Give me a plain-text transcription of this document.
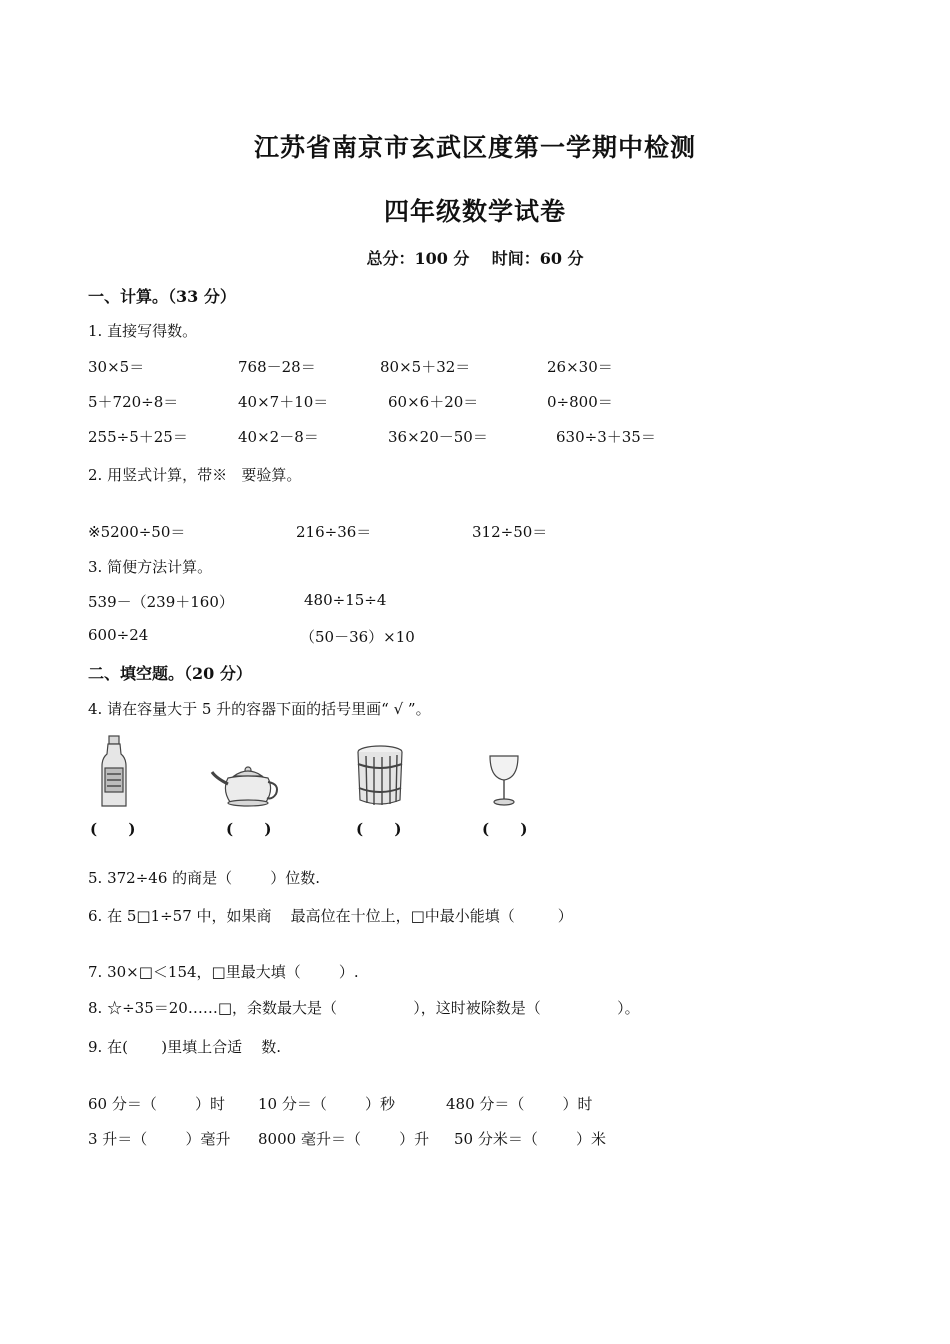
江苏省南京市玄武区度第一学期中检测
四年级数学试卷
总分：100 分    时间：60 分
一、计算。（33 分）
1. 直接写得数。
30×5＝	768－28＝	80×5＋32＝	26×30＝
5＋720÷8＝	40×7＋10＝	60×6＋20＝	0÷800＝
255÷5＋25＝	40×2－8＝	36×20－50＝	630÷3＋35＝
2. 用竖式计算，带※   要验算。
※5200÷50＝	216÷36＝	312÷50＝
3. 简便方法计算。
539－（239＋160）	480÷15÷4
600÷24	（50－36）×10
二、填空题。（20 分）
4. 请在容量大于 5 升的容器下面的括号里画“ √ ”。
(      )	(      )	(      )	(      )
5. 372÷46 的商是（        ）位数.
6. 在 5□1÷57 中，如果商    最高位在十位上，□中最小能填（         ）
7. 30×□＜154，□里最大填（        ）.
8. ☆÷35＝20……□，余数最大是（                ），这时被除数是（                ）。
9. 在(       )里填上合适    数.
60 分＝（        ）时 10 分＝（        ）秒	480 分＝（        ）时
3 升＝（        ）毫升 8000 毫升＝（        ）升 50 分米＝（        ）米
